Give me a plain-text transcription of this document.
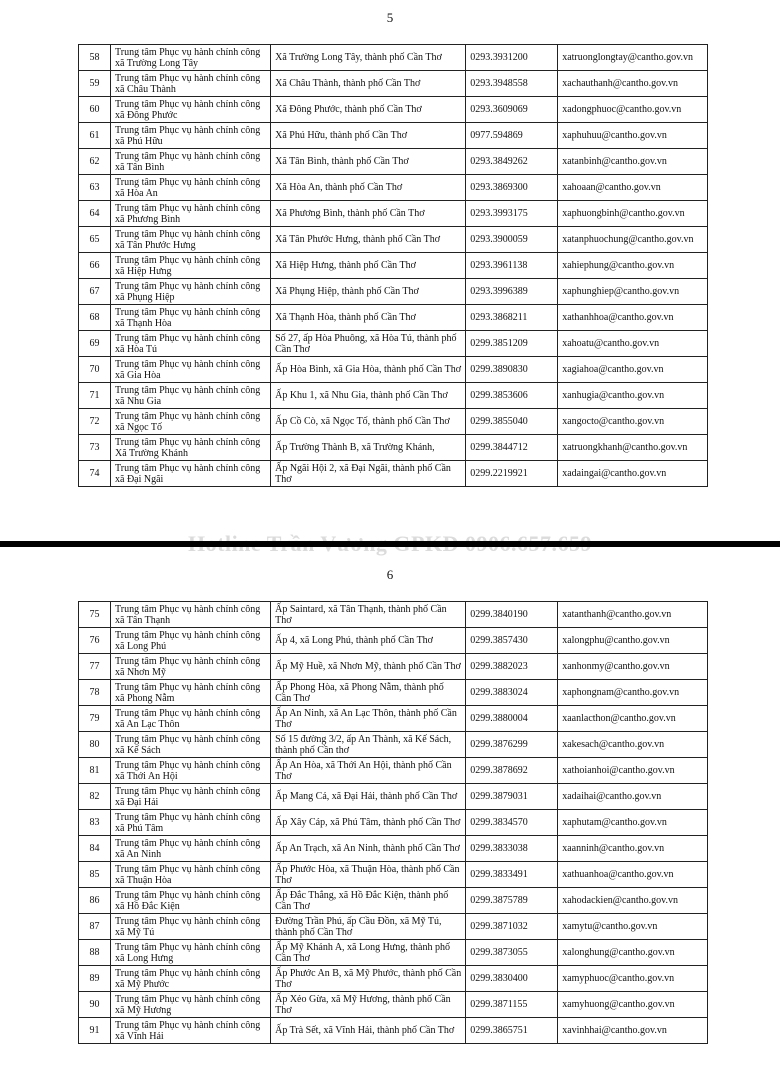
5
58	Trung tâm Phục vụ hành chính công xã Trường Long Tây	Xã Trường Long Tây, thành phố Cần Thơ	0293.3931200	xatruonglongtay@cantho.gov.vn
59	Trung tâm Phục vụ hành chính công xã Châu Thành	Xã Châu Thành, thành phố Cần Thơ	0293.3948558	xachauthanh@cantho.gov.vn
60	Trung tâm Phục vụ hành chính công xã Đông Phước	Xã Đông Phước, thành phố Cần Thơ	0293.3609069	xadongphuoc@cantho.gov.vn
61	Trung tâm Phục vụ hành chính công xã Phú Hữu	Xã Phú Hữu, thành phố Cần Thơ	0977.594869	xaphuhuu@cantho.gov.vn
62	Trung tâm Phục vụ hành chính công xã Tân Bình	Xã Tân Bình, thành phố Cần Thơ	0293.3849262	xatanbinh@cantho.gov.vn
63	Trung tâm Phục vụ hành chính công xã Hòa An	Xã Hòa An, thành phố Cần Thơ	0293.3869300	xahoaan@cantho.gov.vn
64	Trung tâm Phục vụ hành chính công xã Phương Bình	Xã Phương Bình, thành phố Cần Thơ	0293.3993175	xaphuongbinh@cantho.gov.vn
65	Trung tâm Phục vụ hành chính công xã Tân Phước Hưng	Xã Tân Phước Hưng, thành phố Cần Thơ	0293.3900059	xatanphuochung@cantho.gov.vn
66	Trung tâm Phục vụ hành chính công xã Hiệp Hưng	Xã Hiệp Hưng, thành phố Cần Thơ	0293.3961138	xahiephung@cantho.gov.vn
67	Trung tâm Phục vụ hành chính công xã Phụng Hiệp	Xã Phụng Hiệp, thành phố Cần Thơ	0293.3996389	xaphunghiep@cantho.gov.vn
68	Trung tâm Phục vụ hành chính công xã Thạnh Hòa	Xã Thạnh Hòa, thành phố Cần Thơ	0293.3868211	xathanhhoa@cantho.gov.vn
69	Trung tâm Phục vụ hành chính công xã Hòa Tú	Số 27, ấp Hòa Phuông, xã Hòa Tú, thành phố Cần Thơ	0299.3851209	xahoatu@cantho.gov.vn
70	Trung tâm Phục vụ hành chính công xã Gia Hòa	Ấp Hòa Bình, xã Gia Hòa, thành phố Cần Thơ	0299.3890830	xagiahoa@cantho.gov.vn
71	Trung tâm Phục vụ hành chính công xã Nhu Gia	Ấp Khu 1, xã Nhu Gia, thành phố Cần Thơ	0299.3853606	xanhugia@cantho.gov.vn
72	Trung tâm Phục vụ hành chính công xã Ngọc Tố	Ấp Cồ Cò, xã Ngọc Tố, thành phố Cần Thơ	0299.3855040	xangocto@cantho.gov.vn
73	Trung tâm Phục vụ hành chính công Xã Trường Khánh	Ấp Trường Thành B, xã Trường Khánh,	0299.3844712	xatruongkhanh@cantho.gov.vn
74	Trung tâm Phục vụ hành chính công xã Đại Ngãi	Ấp Ngãi Hội 2, xã Đại Ngãi, thành phố Cần Thơ	0299.2219921	xadaingai@cantho.gov.vn
6
75	Trung tâm Phục vụ hành chính công xã Tân Thạnh	Ấp Saintard, xã Tân Thạnh, thành phố Cần Thơ	0299.3840190	xatanthanh@cantho.gov.vn
76	Trung tâm Phục vụ hành chính công xã Long Phú	Ấp 4, xã Long Phú, thành phố Cần Thơ	0299.3857430	xalongphu@cantho.gov.vn
77	Trung tâm Phục vụ hành chính công xã Nhơn Mỹ	Ấp Mỹ Huề, xã Nhơn Mỹ, thành phố Cần Thơ	0299.3882023	xanhonmy@cantho.gov.vn
78	Trung tâm Phục vụ hành chính công xã Phong Nẫm	Ấp Phong Hòa, xã Phong Nẫm, thành phố Cần Thơ	0299.3883024	xaphongnam@cantho.gov.vn
79	Trung tâm Phục vụ hành chính công xã An Lạc Thôn	Ấp An Ninh, xã An Lạc Thôn, thành phố Cần Thơ	0299.3880004	xaanlacthon@cantho.gov.vn
80	Trung tâm Phục vụ hành chính công xã Kế Sách	Số 15 đường 3/2, ấp An Thành, xã Kế Sách, thành phố Cần thơ	0299.3876299	xakesach@cantho.gov.vn
81	Trung tâm Phục vụ hành chính công xã Thới An Hội	Ấp An Hòa, xã Thới An Hội, thành phố Cần Thơ	0299.3878692	xathoianhoi@cantho.gov.vn
82	Trung tâm Phục vụ hành chính công xã Đại Hải	Ấp Mang Cá, xã Đại Hải, thành phố Cần Thơ	0299.3879031	xadaihai@cantho.gov.vn
83	Trung tâm Phục vụ hành chính công xã Phú Tâm	Ấp Xây Cáp, xã Phú Tâm, thành phố Cần Thơ	0299.3834570	xaphutam@cantho.gov.vn
84	Trung tâm Phục vụ hành chính công xã An Ninh	Ấp An Trạch, xã An Ninh, thành phố Cần Thơ	0299.3833038	xaanninh@cantho.gov.vn
85	Trung tâm Phục vụ hành chính công xã Thuận Hòa	Ấp Phước Hòa, xã Thuận Hòa, thành phố Cần Thơ	0299.3833491	xathuanhoa@cantho.gov.vn
86	Trung tâm Phục vụ hành chính công xã Hồ Đắc Kiện	Ấp Đắc Thắng, xã Hồ Đắc Kiện, thành phố Cần Thơ	0299.3875789	xahodackien@cantho.gov.vn
87	Trung tâm Phục vụ hành chính công xã Mỹ Tú	Đường Trần Phú, ấp Cầu Đồn, xã Mỹ Tú, thành phố Cần Thơ	0299.3871032	xamytu@cantho.gov.vn
88	Trung tâm Phục vụ hành chính công xã Long Hưng	Ấp Mỹ Khánh A, xã Long Hưng, thành phố Cần Thơ	0299.3873055	xalonghung@cantho.gov.vn
89	Trung tâm Phục vụ hành chính công xã Mỹ Phước	Ấp Phước An B, xã Mỹ Phước, thành phố Cần Thơ	0299.3830400	xamyphuoc@cantho.gov.vn
90	Trung tâm Phục vụ hành chính công xã Mỹ Hương	Ấp Xẻo Gừa, xã Mỹ Hương, thành phố Cần Thơ	0299.3871155	xamyhuong@cantho.gov.vn
91	Trung tâm Phục vụ hành chính công xã Vĩnh Hải	Ấp Trà Sết, xã Vĩnh Hải, thành phố Cần Thơ	0299.3865751	xavinhhai@cantho.gov.vn
